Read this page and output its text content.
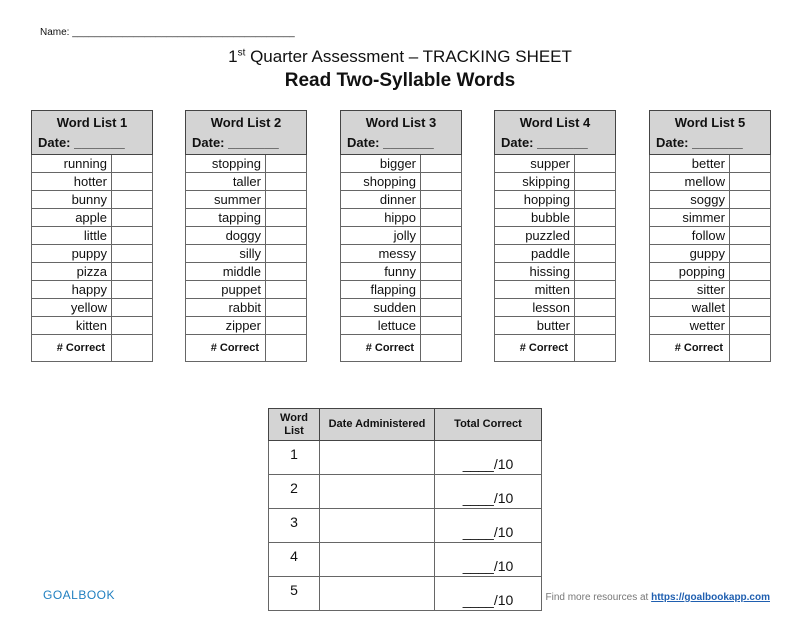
Name: ________________________________________
1st Quarter Assessment – TRACKING SHEET
Read Two-Syllable Words
Word List 1
Date: _______	
running	
hotter	
bunny	
apple	
little	
puppy	
pizza	
happy	
yellow	
kitten	
# Correct	
Word List 2
Date: _______	
stopping	
taller	
summer	
tapping	
doggy	
silly	
middle	
puppet	
rabbit	
zipper	
# Correct	
Word List 3
Date: _______	
bigger	
shopping	
dinner	
hippo	
jolly	
messy	
funny	
flapping	
sudden	
lettuce	
# Correct	
Word List 4
Date: _______	
supper	
skipping	
hopping	
bubble	
puzzled	
paddle	
hissing	
mitten	
lesson	
butter	
# Correct	
Word List 5
Date: _______	
better	
mellow	
soggy	
simmer	
follow	
guppy	
popping	
sitter	
wallet	
wetter	
# Correct	
Word List	Date Administered	Total Correct
1		____/10
2		____/10
3		____/10
4		____/10
5		____/10
GOALBOOK	Find more resources at https://goalbookapp.com
